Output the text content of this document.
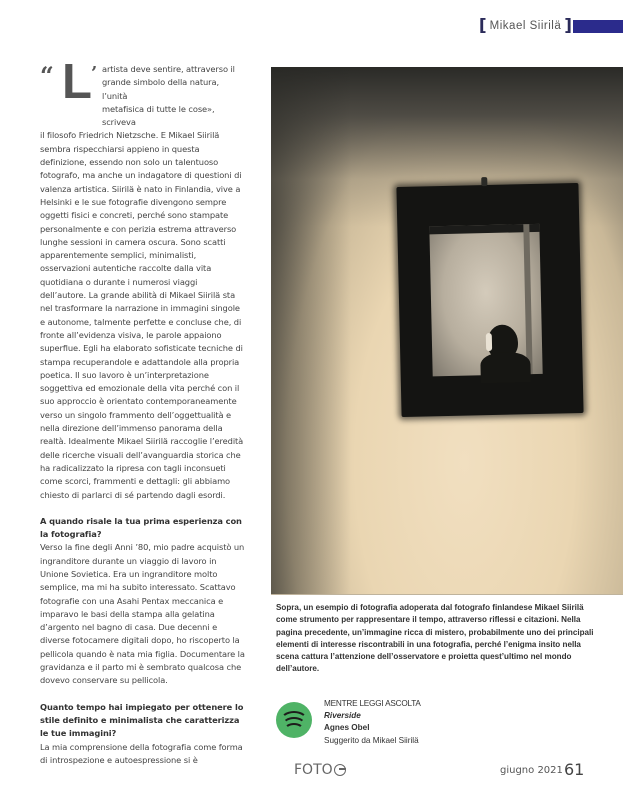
[ Mikael Siirilä ]
“ L ’ artista deve sentire, attraverso il
grande simbolo della natura, l’unità
metafisica di tutte le cose», scriveva

il filosofo Friedrich Nietzsche. E Mikael Siirilä sembra rispecchiarsi appieno in questa definizione, essendo non solo un talentuoso fotografo, ma anche un indagatore di questioni di valenza artistica. Siirilä è nato in Finlandia, vive a Helsinki e le sue fotografie divengono sempre oggetti fisici e concreti, perché sono stampate personalmente e con perizia estrema attraverso lunghe sessioni in camera oscura. Sono scatti apparentemente semplici, minimalisti, osservazioni autentiche raccolte dalla vita quotidiana o durante i numerosi viaggi dell’autore. La grande abilità di Mikael Siirilä sta nel trasformare la narrazione in immagini singole e autonome, talmente perfette e concluse che, di fronte all’evidenza visiva, le parole appaiono superflue. Egli ha elaborato sofisticate tecniche di stampa recuperandole e adattandole alla propria poetica. Il suo lavoro è un’interpretazione soggettiva ed emozionale della vita perché con il suo approccio è orientato contemporaneamente verso un singolo frammento dell’oggettualità e nella direzione dell’immenso panorama della realtà. Idealmente Mikael Siirilä raccoglie l’eredità delle ricerche visuali dell’avanguardia storica che ha radicalizzato la ripresa con tagli inconsueti come scorci, frammenti e dettagli: gli abbiamo chiesto di parlarci di sé partendo dagli esordi.

A quando risale la tua prima esperienza con la fotografia?

Verso la fine degli Anni ’80, mio padre acquistò un ingranditore durante un viaggio di lavoro in Unione Sovietica. Era un ingranditore molto semplice, ma mi ha subito interessato. Scattavo fotografie con una Asahi Pentax meccanica e imparavo le basi della stampa alla gelatina d’argento nel bagno di casa. Due decenni e diverse fotocamere digitali dopo, ho riscoperto la pellicola quando è nata mia figlia. Documentare la gravidanza e il parto mi è sembrato qualcosa che dovevo conservare su pellicola.

Quanto tempo hai impiegato per ottenere lo stile definito e minimalista che caratterizza le tue immagini?

La mia comprensione della fotografia come forma di introspezione e autoespressione si è

Sopra, un esempio di fotografia adoperata dal fotografo finlandese Mikael Siirilä come strumento per rappresentare il tempo, attraverso riflessi e citazioni. Nella pagina precedente, un’immagine ricca di mistero, probabilmente uno dei principali elementi di interesse riscontrabili in una fotografia, perché l’enigma insito nella scena cattura l’attenzione dell’osservatore e proietta quest’ultimo nel mondo dell’autore.
MENTRE LEGGI ASCOLTA
Riverside
Agnes Obel
Suggerito da Mikael Siirilä
FOTO	giugno 2021 61
